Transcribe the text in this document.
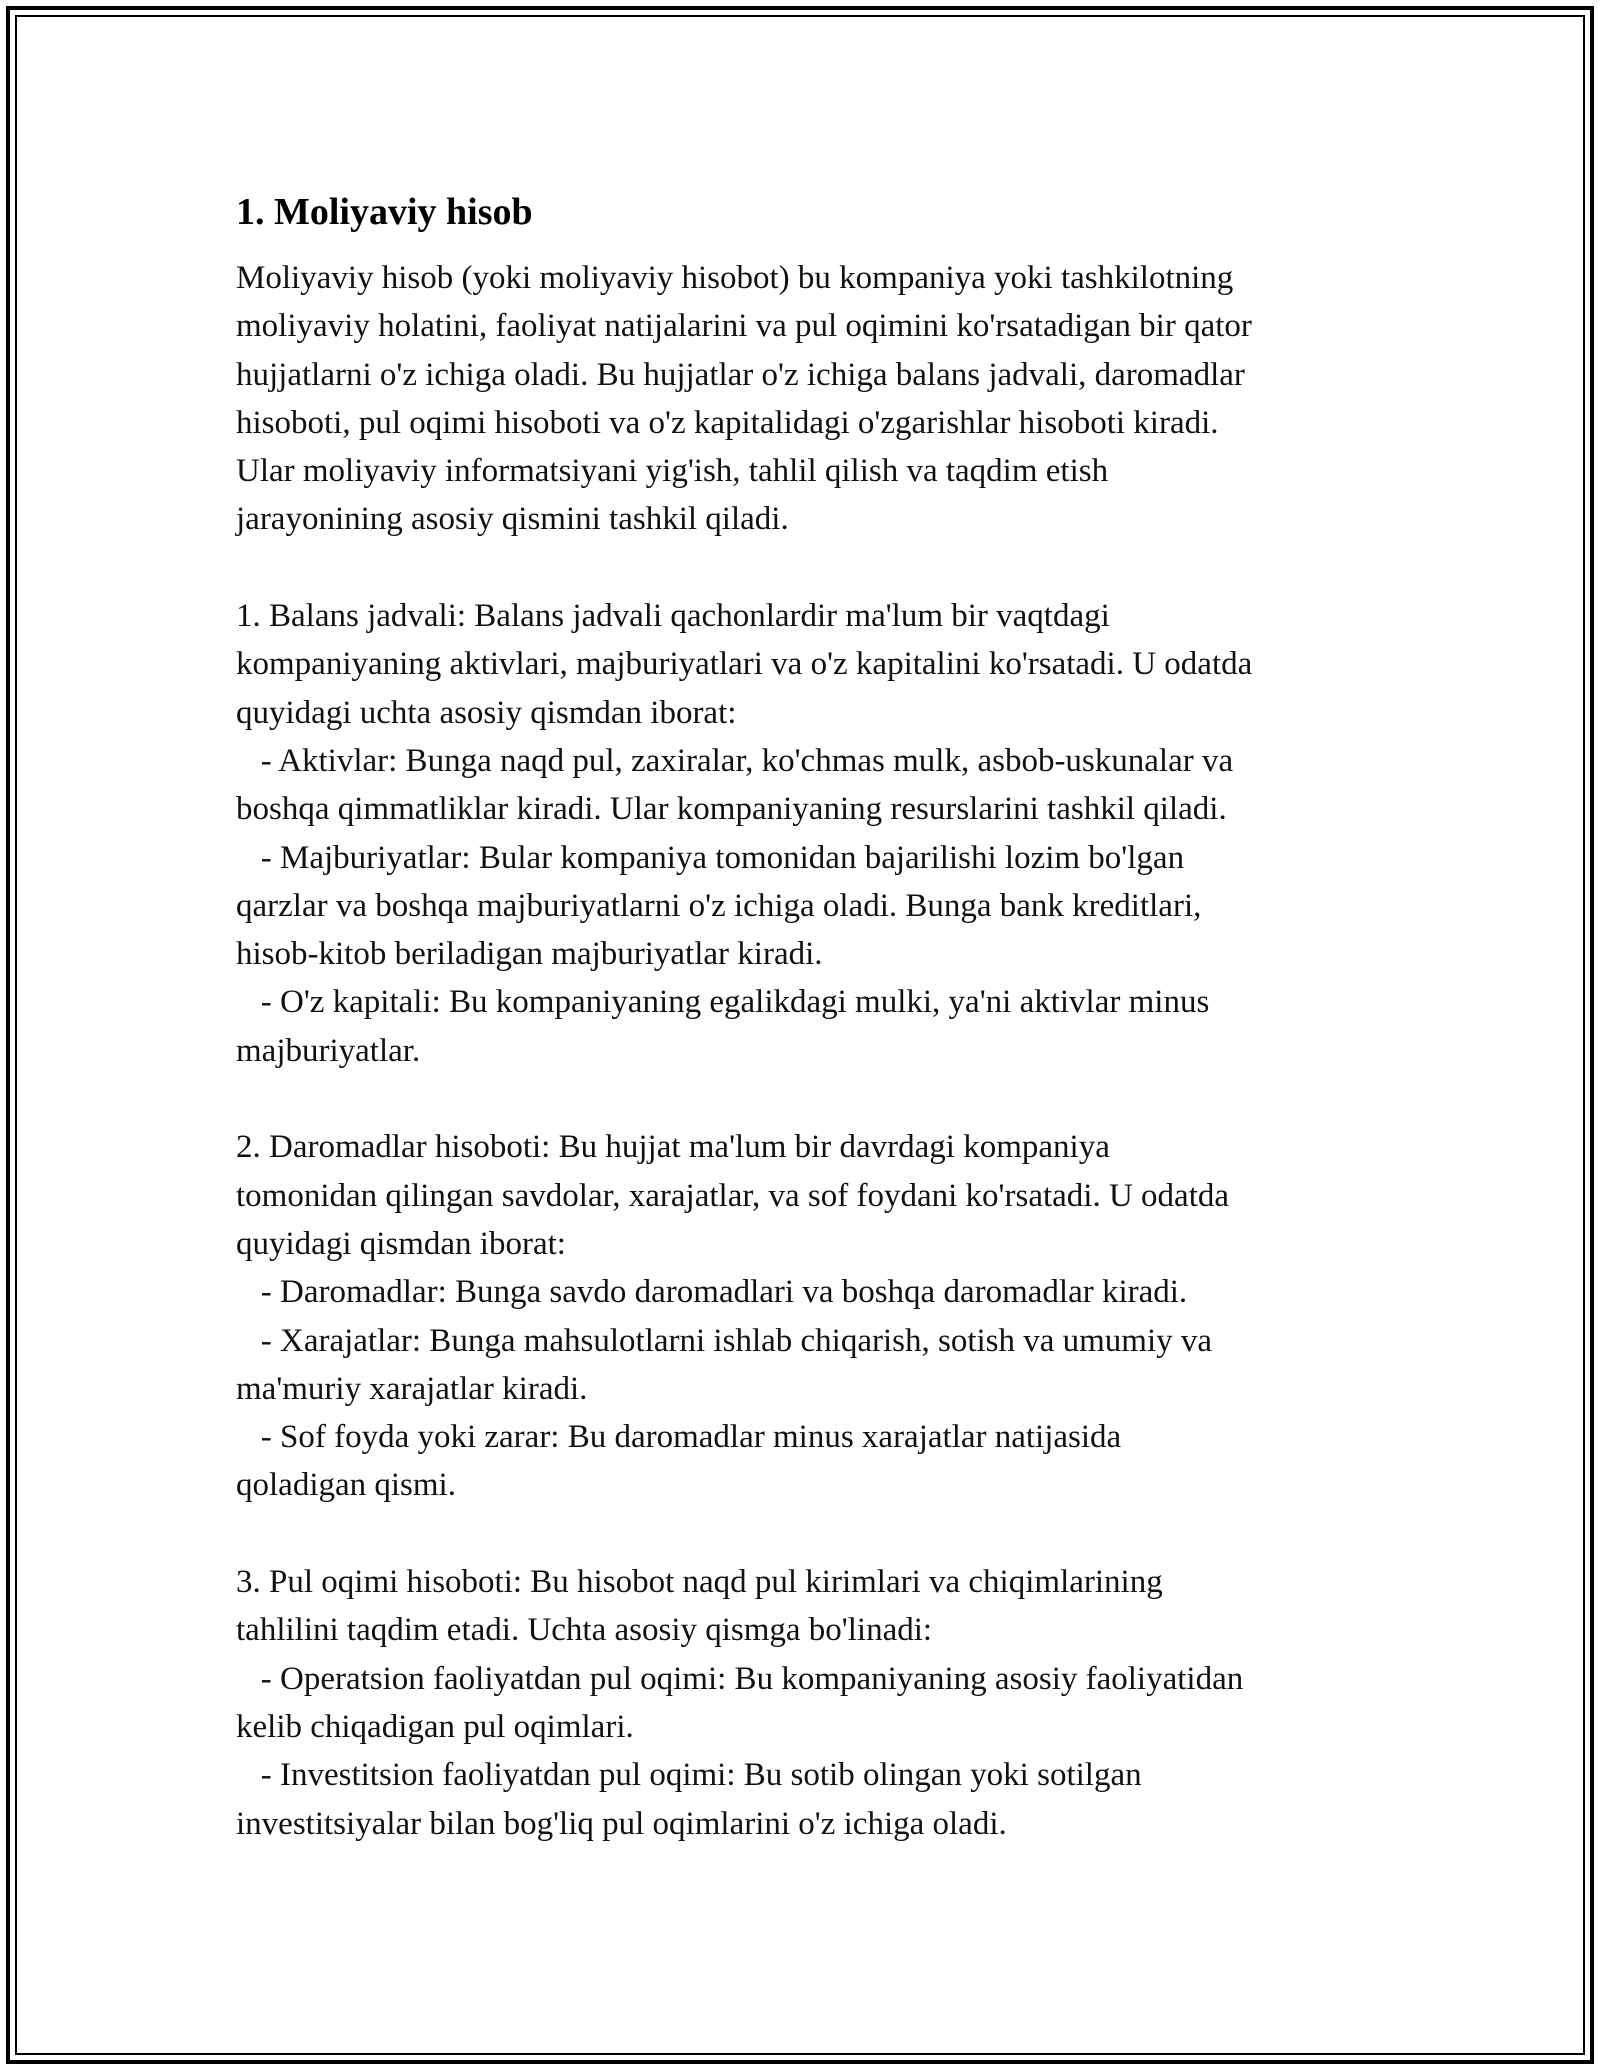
1. Moliyaviy hisob

Moliyaviy hisob (yoki moliyaviy hisobot) bu kompaniya yoki tashkilotning
moliyaviy holatini, faoliyat natijalarini va pul oqimini ko'rsatadigan bir qator
hujjatlarni o'z ichiga oladi. Bu hujjatlar o'z ichiga balans jadvali, daromadlar
hisoboti, pul oqimi hisoboti va o'z kapitalidagi o'zgarishlar hisoboti kiradi.
Ular moliyaviy informatsiyani yig'ish, tahlil qilish va taqdim etish
jarayonining asosiy qismini tashkil qiladi.

1. Balans jadvali: Balans jadvali qachonlardir ma'lum bir vaqtdagi
kompaniyaning aktivlari, majburiyatlari va o'z kapitalini ko'rsatadi. U odatda
quyidagi uchta asosiy qismdan iborat:
- Aktivlar: Bunga naqd pul, zaxiralar, ko'chmas mulk, asbob-uskunalar va
boshqa qimmatliklar kiradi. Ular kompaniyaning resurslarini tashkil qiladi.
- Majburiyatlar: Bular kompaniya tomonidan bajarilishi lozim bo'lgan
qarzlar va boshqa majburiyatlarni o'z ichiga oladi. Bunga bank kreditlari,
hisob-kitob beriladigan majburiyatlar kiradi.
- O'z kapitali: Bu kompaniyaning egalikdagi mulki, ya'ni aktivlar minus
majburiyatlar.

2. Daromadlar hisoboti: Bu hujjat ma'lum bir davrdagi kompaniya
tomonidan qilingan savdolar, xarajatlar, va sof foydani ko'rsatadi. U odatda
quyidagi qismdan iborat:
- Daromadlar: Bunga savdo daromadlari va boshqa daromadlar kiradi.
- Xarajatlar: Bunga mahsulotlarni ishlab chiqarish, sotish va umumiy va
ma'muriy xarajatlar kiradi.
- Sof foyda yoki zarar: Bu daromadlar minus xarajatlar natijasida
qoladigan qismi.

3. Pul oqimi hisoboti: Bu hisobot naqd pul kirimlari va chiqimlarining
tahlilini taqdim etadi. Uchta asosiy qismga bo'linadi:
- Operatsion faoliyatdan pul oqimi: Bu kompaniyaning asosiy faoliyatidan
kelib chiqadigan pul oqimlari.
- Investitsion faoliyatdan pul oqimi: Bu sotib olingan yoki sotilgan
investitsiyalar bilan bog'liq pul oqimlarini o'z ichiga oladi.
